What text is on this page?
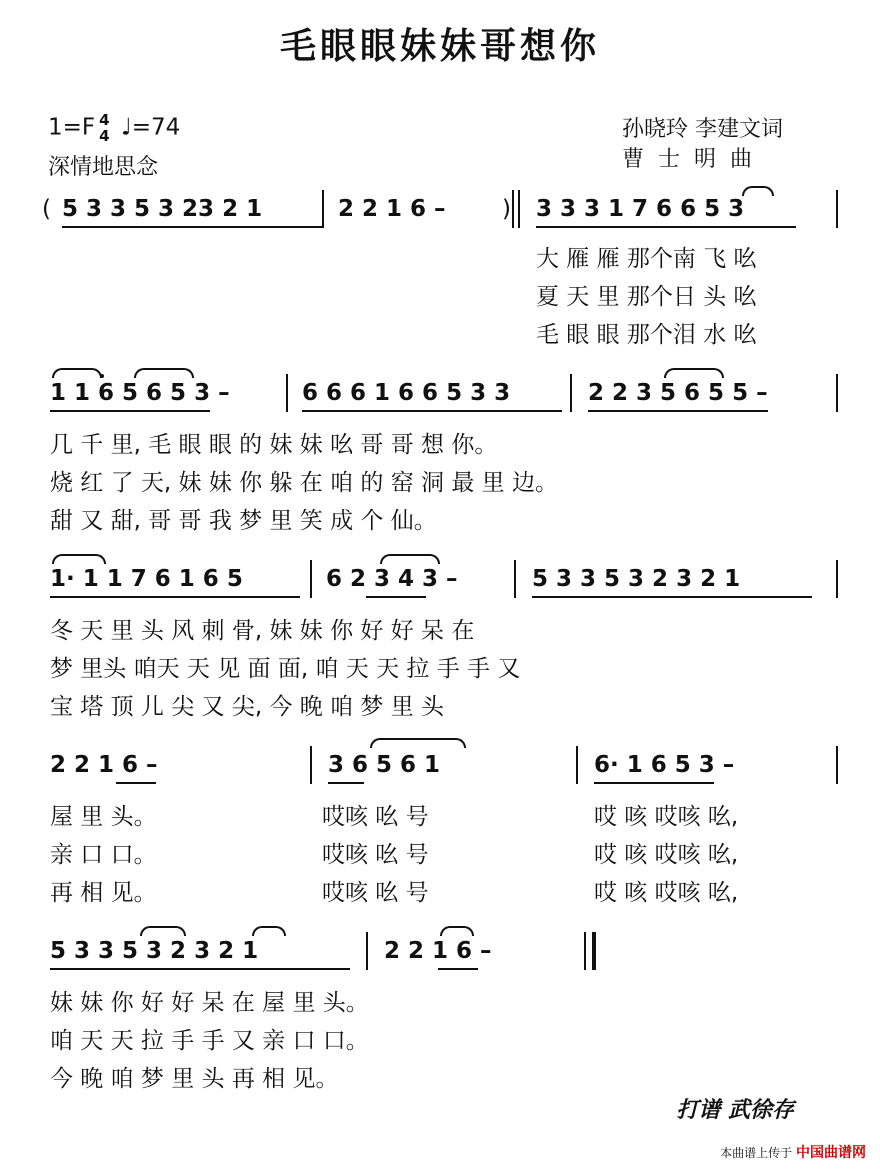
毛眼眼妹妹哥想你
1=F 4
4 ♩=74
深情地思念
孙晓玲 李建文词
曹士明曲
( 5 3 3 5 3 23 2 1	2 2 1 6 – ) 3 3 3 1 7 6 6 5 3
大 雁 雁 那个南 飞 吆
夏 天 里 那个日 头 吆
毛 眼 眼 那个泪 水 吆
1 1 6 5 6 5 3 –	6 6 6 1 6 6 5 3 3	2 2 3 5 6 5 5 –
几 千 里, 毛 眼 眼 的 妹 妹 吆 哥 哥 想 你。
烧 红 了 天, 妹 妹 你 躲 在 咱 的 窑 洞 最 里 边。
甜 又 甜, 哥 哥 我 梦 里 笑 成 个 仙。
1· 1 1 7 6 1 6 5	6 2 3 4 3 –	5 3 3 5 3 2 3 2 1
冬 天 里 头 风 刺 骨, 妹 妹 你 好 好 呆 在
梦 里头 咱天 天 见 面 面, 咱 天 天 拉 手 手 又
宝 塔 顶 儿 尖 又 尖, 今 晚 咱 梦 里 头
2 2 1 6 –	3 6 5 6 1	6· 1 6 5 3 –
屋 里 头。
亲 口 口。
再 相 见。
哎咳 吆 号
哎咳 吆 号
哎咳 吆 号
哎 咳 哎咳 吆,
哎 咳 哎咳 吆,
哎 咳 哎咳 吆,
5 3 3 5 3 2 3 2 1	2 2 1 6 –
妹 妹 你 好 好 呆 在 屋 里 头。
咱 天 天 拉 手 手 又 亲 口 口。
今 晚 咱 梦 里 头 再 相 见。
打谱 武徐存
本曲谱上传于 中国曲谱网
